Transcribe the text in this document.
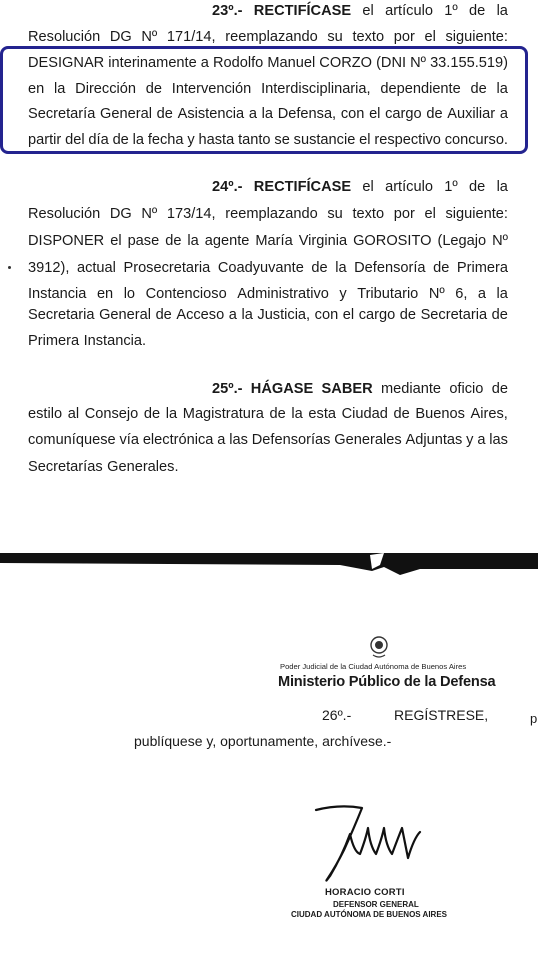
23º.- RECTIFÍCASE el artículo 1º de la
Resolución DG Nº 171/14, reemplazando su texto por el siguiente:
DESIGNAR interinamente a Rodolfo Manuel CORZO (DNI Nº 33.155.519)
en la Dirección de Intervención Interdisciplinaria, dependiente de la
Secretaría General de Asistencia a la Defensa, con el cargo de Auxiliar a
partir del día de la fecha y hasta tanto se sustancie el respectivo concurso.
24º.- RECTIFÍCASE el artículo 1º de la
Resolución DG Nº 173/14, reemplazando su texto por el siguiente:
DISPONER el pase de la agente María Virginia GOROSITO (Legajo Nº
3912), actual Prosecretaria Coadyuvante de la Defensoría de Primera
Instancia en lo Contencioso Administrativo y Tributario Nº 6, a la
Secretaria General de Acceso a la Justicia, con el cargo de Secretaria de
Primera Instancia.
25º.- HÁGASE SABER mediante oficio de
estilo al Consejo de la Magistratura de la esta Ciudad de Buenos Aires,
comuníquese vía electrónica a las Defensorías Generales Adjuntas y a las
Secretarías Generales.
Poder Judicial de la Ciudad Autónoma de Buenos Aires
Ministerio Público de la Defensa
26º.-	REGÍSTRESE,	p
publíquese y, oportunamente, archívese.-
HORACIO CORTI
DEFENSOR GENERAL
CIUDAD AUTÓNOMA DE BUENOS AIRES
